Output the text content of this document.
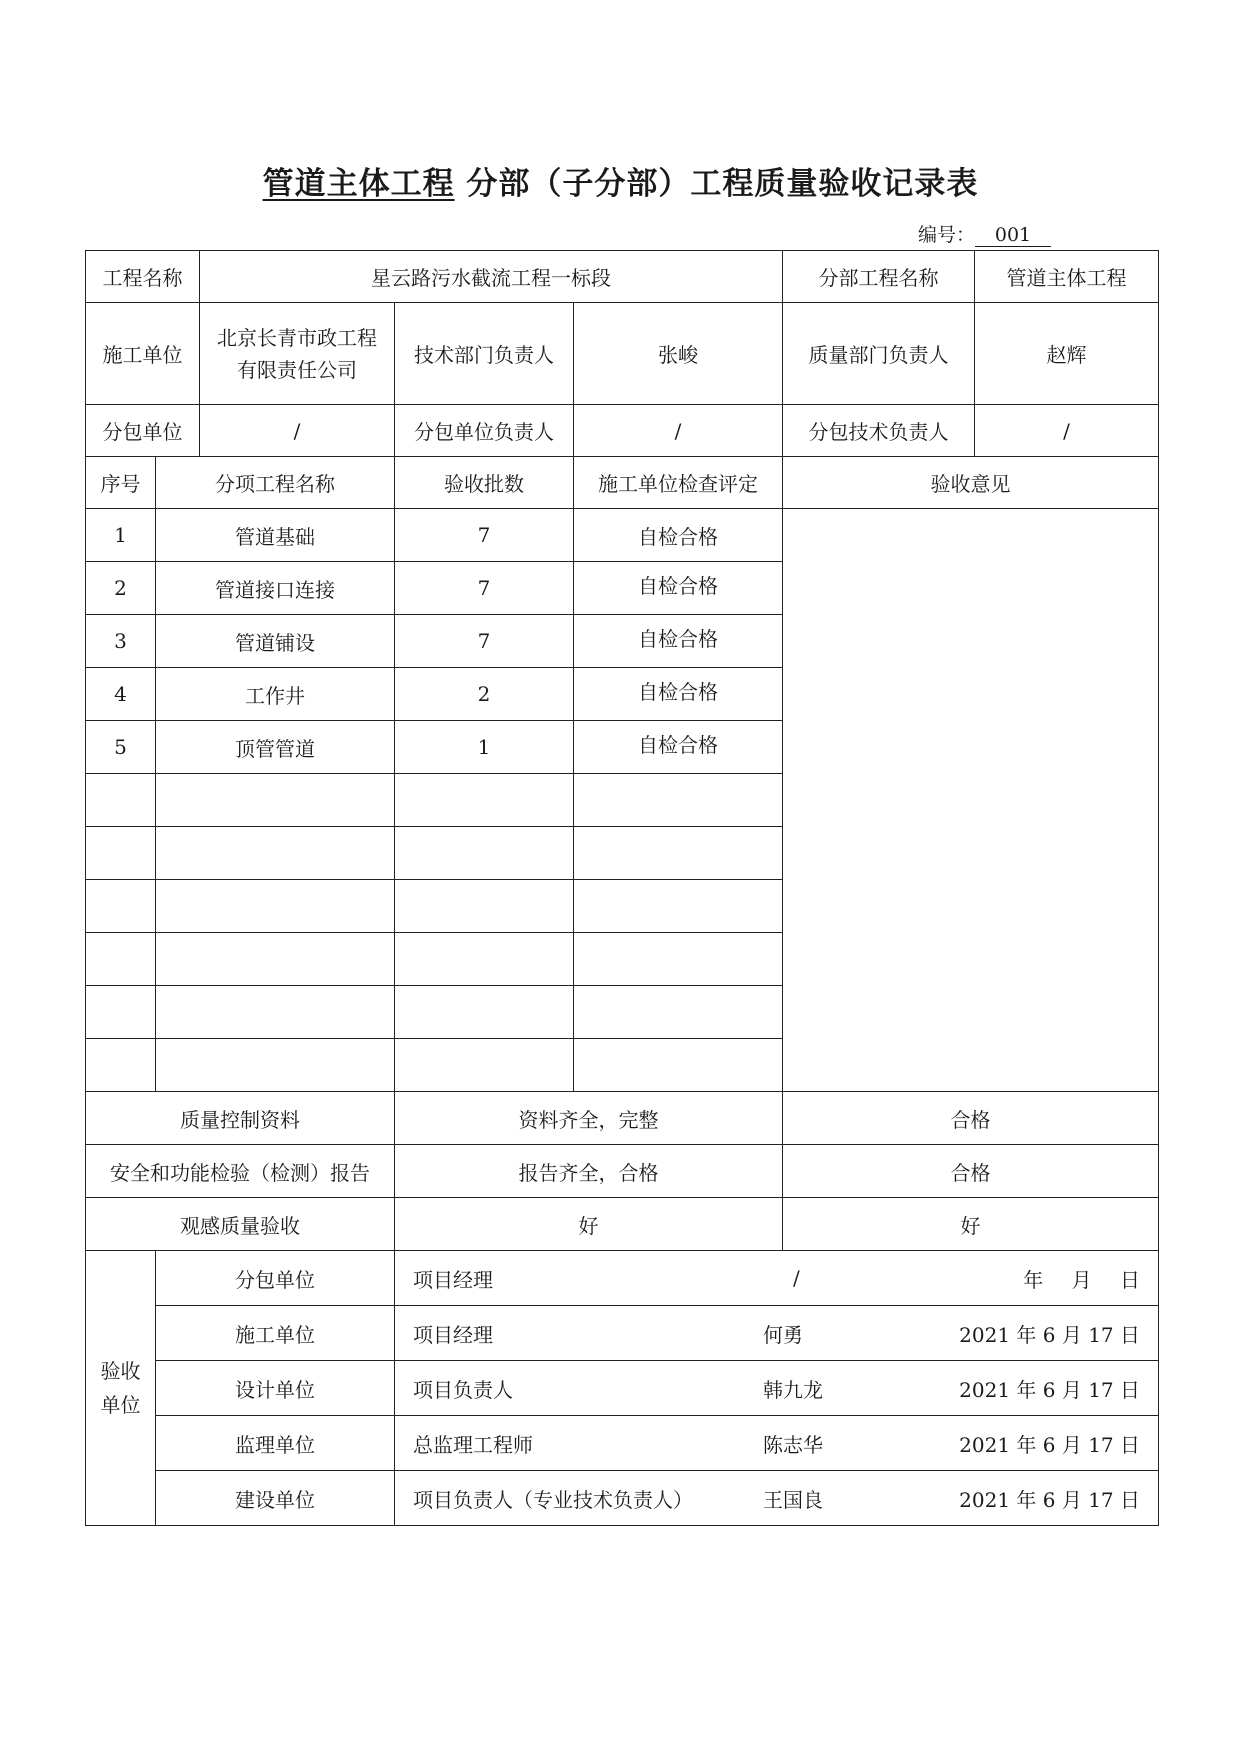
管道主体工程 分部（子分部）工程质量验收记录表
编号： 001
工程名称		星云路污水截流工程一标段			分部工程名称	管道主体工程
施工单位		北京长青市政工程有限责任公司	技术部门负责人	张峻	质量部门负责人	赵辉
分包单位		/	分包单位负责人	/	分包技术负责人	/
序号	分项工程名称		验收批数	施工单位检查评定	验收意见	
1	管道基础		7	自检合格		
2	管道接口连接		7	自检合格		
3	管道铺设		7	自检合格		
4	工作井		2	自检合格		
5	顶管管道		1	自检合格		

质量控制资料			资料齐全，完整		合格	
安全和功能检验（检测）报告			报告齐全，合格		合格	
观感质量验收			好		好	
验收单位	分包单位		项目经理 / 年 月 日			

	施工单位		项目经理 何勇 2021 年 6 月 17 日			

	设计单位		项目负责人 韩九龙 2021 年 6 月 17 日			

	监理单位		总监理工程师 陈志华 2021 年 6 月 17 日			

	建设单位		项目负责人（专业技术负责人） 王国良 2021 年 6 月 17 日			
